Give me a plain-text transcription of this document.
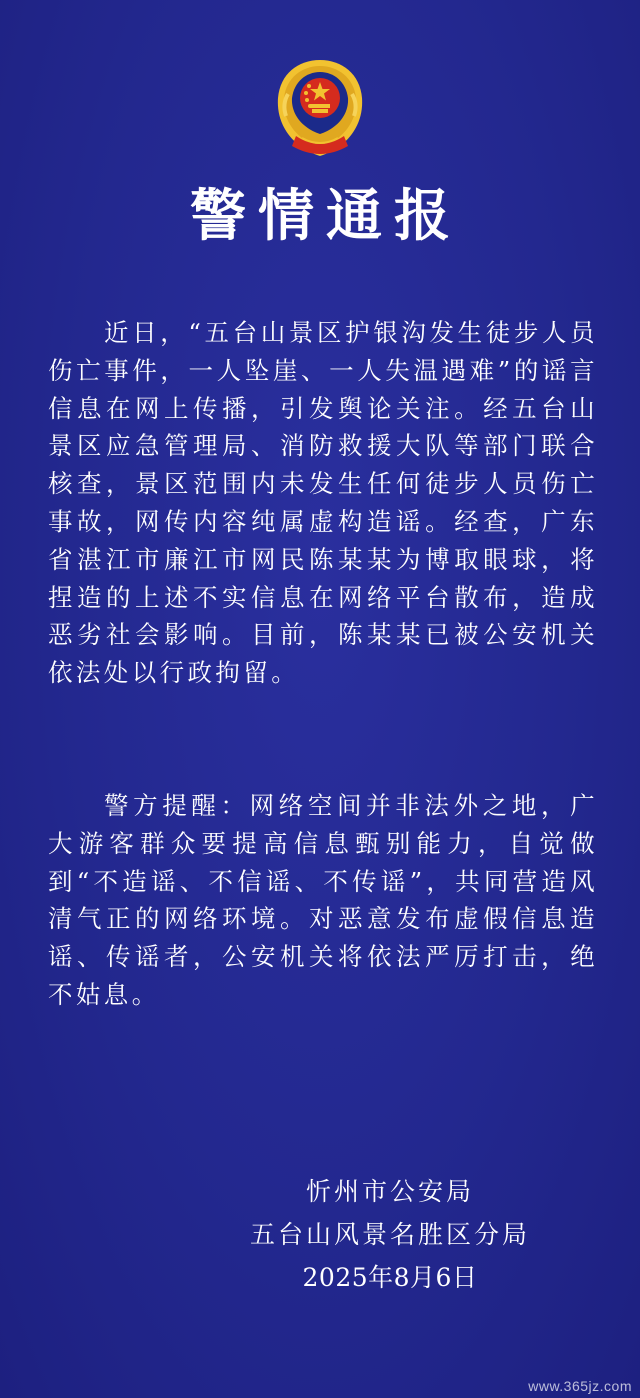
警情通报

近日，“五台山景区护银沟发生徒步人员伤亡事件，一人坠崖、一人失温遇难”的谣言信息在网上传播，引发舆论关注。经五台山景区应急管理局、消防救援大队等部门联合核查，景区范围内未发生任何徒步人员伤亡事故，网传内容纯属虚构造谣。经查，广东省湛江市廉江市网民陈某某为博取眼球，将捏造的上述不实信息在网络平台散布，造成恶劣社会影响。目前，陈某某已被公安机关依法处以行政拘留。

警方提醒：网络空间并非法外之地，广大游客群众要提高信息甄别能力，自觉做到“不造谣、不信谣、不传谣”，共同营造风清气正的网络环境。对恶意发布虚假信息造谣、传谣者，公安机关将依法严厉打击，绝不姑息。

忻州市公安局
五台山风景名胜区分局
2025年8月6日
www.365jz.com
